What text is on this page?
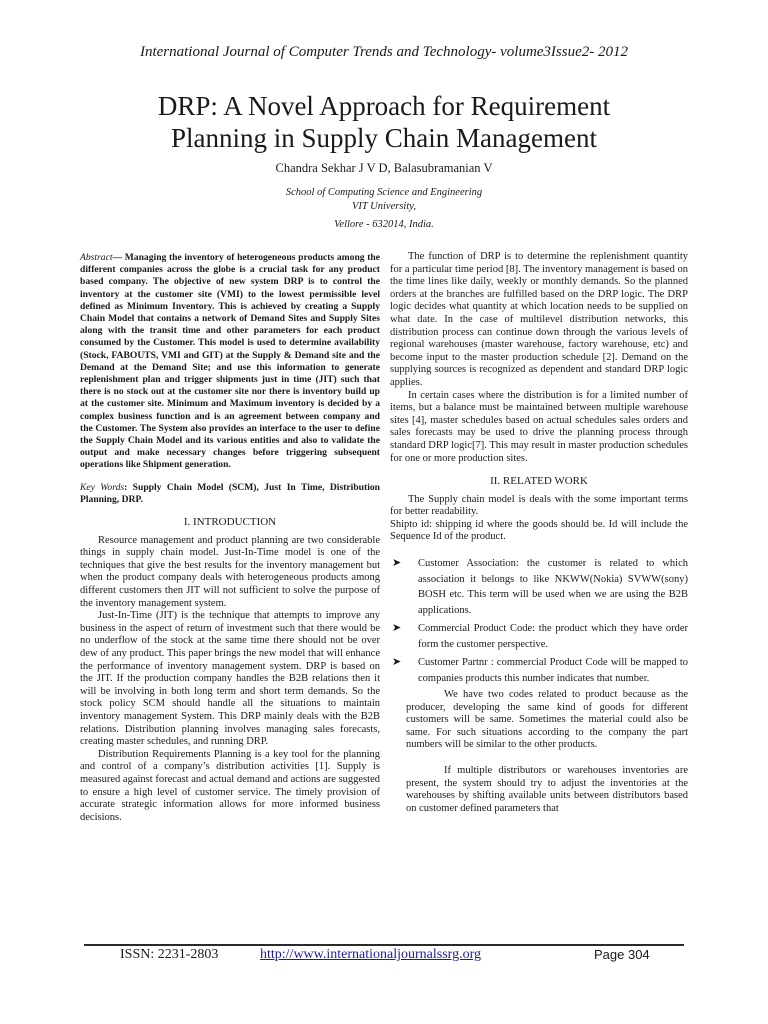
International Journal of Computer Trends and Technology- volume3Issue2- 2012
DRP: A Novel Approach for Requirement
Planning in Supply Chain Management
Chandra Sekhar J V D, Balasubramanian V
School of Computing Science and Engineering
VIT University,
Vellore - 632014, India.

Abstract— Managing the inventory of heterogeneous products among the different companies across the globe is a crucial task for any product based company. The objective of new system DRP is to control the inventory at the customer site (VMI) to the lowest permissible level defined as Minimum Inventory. This is achieved by creating a Supply Chain Model that contains a network of Demand Sites and Supply Sites along with the transit time and other parameters for each product consumed by the Customer. This model is used to determine availability (Stock, FABOUTS, VMI and GIT) at the Supply & Demand site and the Demand at the Demand Site; and use this information to generate replenishment plan and trigger shipments just in time (JIT) such that there is no stock out at the customer site nor there is inventory build up at the customer site. Minimum and Maximum inventory is decided by a complex business function and is an agreement between company and the Customer. The System also provides an interface to the user to define the Supply Chain Model and its various entities and also to validate the output and make necessary changes before triggering subsequent operations like Shipment generation.

Key Words: Supply Chain Model (SCM), Just In Time, Distribution Planning, DRP.

I. INTRODUCTION

Resource management and product planning are two considerable things in supply chain model. Just-In-Time model is one of the techniques that give the best results for the inventory management but when the product company deals with heterogeneous products among different customers then JIT will not sufficient to solve the purpose of the inventory management system.

Just-In-Time (JIT) is the technique that attempts to improve any business in the aspect of return of investment such that there would be no underflow of the stock at the same time there should not be over dew of any product. This paper brings the new model that will enhance the performance of inventory management system. DRP is based on the JIT. If the production company handles the B2B relations then it will be involving in both long term and short term demands. So the stock policy SCM should handle all the situations to maintain inventory management System. This DRP mainly deals with the B2B relations. Distribution planning involves managing sales forecasts, creating master schedules, and running DRP.

Distribution Requirements Planning is a key tool for the planning and control of a company’s distribution activities [1]. Supply is measured against forecast and actual demand and actions are suggested to ensure a high level of customer service. The timely provision of accurate strategic information allows for more informed business decisions.

The function of DRP is to determine the replenishment quantity for a particular time period [8]. The inventory management is based on the time lines like daily, weekly or monthly demands. So the planned orders at the branches are fulfilled based on the DRP logic. The DRP logic decides what quantity at which location needs to be supplied on what date. In the case of multilevel distribution networks, this distribution process can continue down through the various levels of regional warehouses (master warehouse, factory warehouse, etc) and become input to the master production schedule [2]. Demand on the supplying sources is recognized as dependent and standard DRP logic applies.

In certain cases where the distribution is for a limited number of items, but a balance must be maintained between multiple warehouse sites [4], master schedules based on actual schedules sales orders and sales forecasts may be used to drive the planning process through standard DRP logic[7]. This may result in master production schedules for one or more production sites.

II. RELATED WORK

The Supply chain model is deals with the some important terms for better readability.

Shipto id: shipping id where the goods should be. Id will include the Sequence Id of the product.

➤ Customer Association: the customer is related to which association it belongs to like NKWW(Nokia) SVWW(sony) BOSH etc. This term will be used when we are using the B2B applications.
➤ Commercial Product Code: the product which they have order form the customer perspective.
➤ Customer Partnr : commercial Product Code will be mapped to companies products this number indicates that number.

We have two codes related to product because as the producer, developing the same kind of goods for different customers will be same. Sometimes the material could also be same. For such situations according to the company the part numbers will be similar to the other products.

If multiple distributors or warehouses inventories are present, the system should try to adjust the inventories at the warehouses by shifting available units between distributors based on customer defined parameters that

ISSN: 2231-2803	http://www.internationaljournalssrg.org	Page 304
